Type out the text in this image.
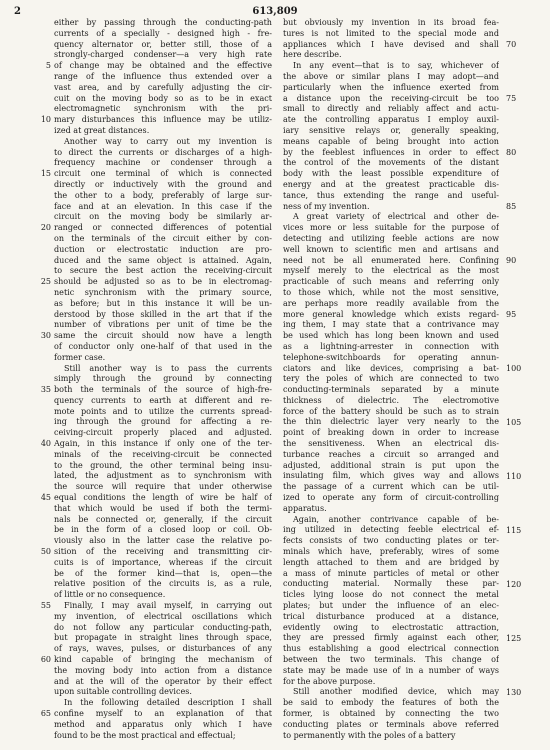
2	613,809
either by passing through the conducting-path
currents of a specially - designed high - fre-
quency alternator or, better still, those of a
strongly-charged condenser—a very high rate
of change may be obtained and the effective
range of the influence thus extended over a
vast area, and by carefully adjusting the cir-
cuit on the moving body so as to be in exact
electromagnetic synchronism with the pri-
mary disturbances this influence may be utiliz-
ized at great distances.
Another way to carry out my invention is
to direct the currents or discharges of a high-
frequency machine or condenser through a
circuit one terminal of which is connected
directly or inductively with the ground and
the other to a body, preferably of large sur-
face and at an elevation. In this case if the
circuit on the moving body be similarly ar-
ranged or connected differences of potential
on the terminals of the circuit either by con-
duction or electrostatic induction are pro-
duced and the same object is attained. Again,
to secure the best action the receiving-circuit
should be adjusted so as to be in electromag-
netic synchronism with the primary source,
as before; but in this instance it will be un-
derstood by those skilled in the art that if the
number of vibrations per unit of time be the
same the circuit should now have a length
of conductor only one-half of that used in the
former case.
Still another way is to pass the currents
simply through the ground by connecting
both the terminals of the source of high-fre-
quency currents to earth at different and re-
mote points and to utilize the currents spread-
ing through the ground for affecting a re-
ceiving-circuit properly placed and adjusted.
Again, in this instance if only one of the ter-
minals of the receiving-circuit be connected
to the ground, the other terminal being insu-
lated, the adjustment as to synchronism with
the source will require that under otherwise
equal conditions the length of wire be half of
that which would be used if both the termi-
nals be connected or, generally, if the circuit
be in the form of a closed loop or coil. Ob-
viously also in the latter case the relative po-
sition of the receiving and transmitting cir-
cuits is of importance, whereas if the circuit
be of the former kind—that is, open—the
relative position of the circuits is, as a rule,
of little or no consequence.
Finally, I may avail myself, in carrying out
my invention, of electrical oscillations which
do not follow any particular conducting-path,
but propagate in straight lines through space,
of rays, waves, pulses, or disturbances of any
kind capable of bringing the mechanism of
the moving body into action from a distance
and at the will of the operator by their effect
upon suitable controlling devices.
In the following detailed description I shall
confine myself to an explanation of that
method and apparatus only which I have
found to be the most practical and effectual;
but obviously my invention in its broad fea-
tures is not limited to the special mode and
appliances which I have devised and shall
here describe.
In any event—that is to say, whichever of
the above or similar plans I may adopt—and
particularly when the influence exerted from
a distance upon the receiving-circuit be too
small to directly and reliably affect and actu-
ate the controlling apparatus I employ auxil-
iary sensitive relays or, generally speaking,
means capable of being brought into action
by the feeblest influences in order to effect
the control of the movements of the distant
body with the least possible expenditure of
energy and at the greatest practicable dis-
tance, thus extending the range and useful-
ness of my invention.
A great variety of electrical and other de-
vices more or less suitable for the purpose of
detecting and utilizing feeble actions are now
well known to scientific men and artisans and
need not be all enumerated here. Confining
myself merely to the electrical as the most
practicable of such means and referring only
to those which, while not the most sensitive,
are perhaps more readily available from the
more general knowledge which exists regard-
ing them, I may state that a contrivance may
be used which has long been known and used
as a lightning-arrester in connection with
telephone-switchboards for operating annun-
ciators and like devices, comprising a bat-
tery the poles of which are connected to two
conducting-terminals separated by a minute
thickness of dielectric. The electromotive
force of the battery should be such as to strain
the thin dielectric layer very nearly to the
point of breaking down in order to increase
the sensitiveness. When an electrical dis-
turbance reaches a circuit so arranged and
adjusted, additional strain is put upon the
insulating film, which gives way and allows
the passage of a current which can be util-
ized to operate any form of circuit-controlling
apparatus.
Again, another contrivance capable of be-
ing utilized in detecting feeble electrical ef-
fects consists of two conducting plates or ter-
minals which have, preferably, wires of some
length attached to them and are bridged by
a mass of minute particles of metal or other
conducting material. Normally these par-
ticles lying loose do not connect the metal
plates; but under the influence of an elec-
trical disturbance produced at a distance,
evidently owing to electrostatic attraction,
they are pressed firmly against each other,
thus establishing a good electrical connection
between the two terminals. This change of
state may be made use of in a number of ways
for the above purpose.
Still another modified device, which may
be said to embody the features of both the
former, is obtained by connecting the two
conducting plates or terminals above referred
to permanently with the poles of a battery
5
10
15
20
25
30
35
40
45
50
55
60
65
70
75
80
85
90
95
100
105
110
115
120
125
130
